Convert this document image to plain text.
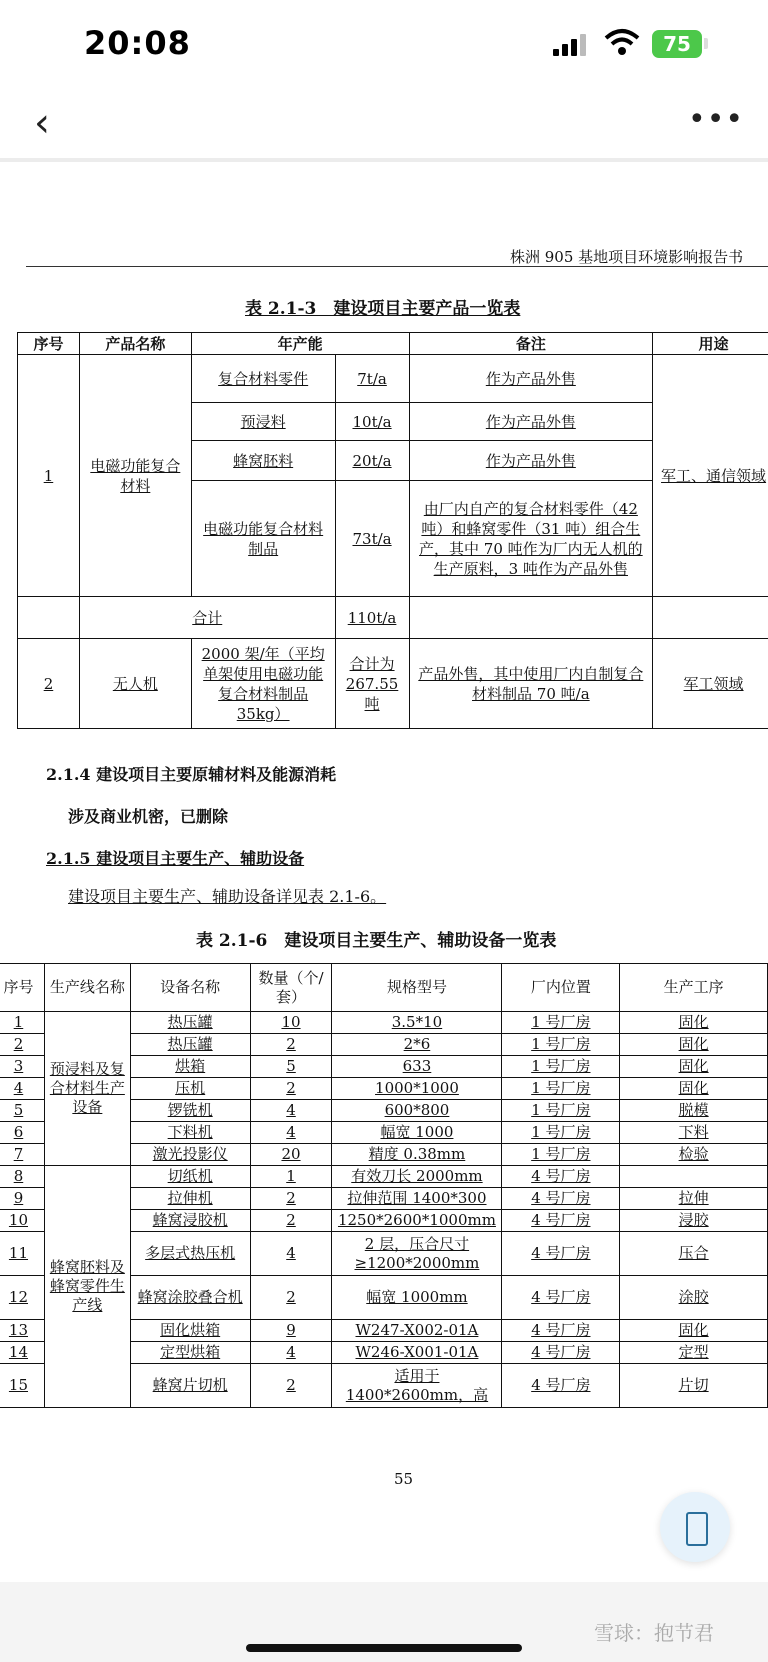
20:08	75
‹	•••
株洲 905 基地项目环境影响报告书
表 2.1-3　建设项目主要产品一览表
序号	产品名称	年产能		备注	用途
1	电磁功能复合材料	复合材料零件	7t/a	作为产品外售	军工、通信领域
		预浸料	10t/a	作为产品外售	
		蜂窝胚料	20t/a	作为产品外售	
		电磁功能复合材料制品	73t/a	由厂内自产的复合材料零件（42 吨）和蜂窝零件（31 吨）组合生产，其中 70 吨作为厂内无人机的生产原料，3 吨作为产品外售	
	合计		110t/a		
2	无人机	2000 架/年（平均单架使用电磁功能复合材料制品 35kg）	合计为267.55吨	产品外售，其中使用厂内自制复合材料制品 70 吨/a	军工领域
2.1.4 建设项目主要原辅材料及能源消耗
涉及商业机密，已删除
2.1.5 建设项目主要生产、辅助设备
建设项目主要生产、辅助设备详见表 2.1-6。
表 2.1-6　建设项目主要生产、辅助设备一览表
序号	生产线名称	设备名称	数量（个/套）	规格型号	厂内位置	生产工序
1	预浸料及复合材料生产设备	热压罐	10	3.5*10	1 号厂房	固化
2		热压罐	2	2*6	1 号厂房	固化
3		烘箱	5	633	1 号厂房	固化
4		压机	2	1000*1000	1 号厂房	固化
5		锣铣机	4	600*800	1 号厂房	脱模
6		下料机	4	幅宽 1000	1 号厂房	下料
7		激光投影仪	20	精度 0.38mm	1 号厂房	检验
8	蜂窝胚料及蜂窝零件生产线	切纸机	1	有效刀长 2000mm	4 号厂房	
9		拉伸机	2	拉伸范围 1400*300	4 号厂房	拉伸
10		蜂窝浸胶机	2	1250*2600*1000mm	4 号厂房	浸胶
11		多层式热压机	4	2 层，压合尺寸≥1200*2000mm	4 号厂房	压合
12		蜂窝涂胶叠合机	2	幅宽 1000mm	4 号厂房	涂胶
13		固化烘箱	9	W247-X002-01A	4 号厂房	固化
14		定型烘箱	4	W246-X001-01A	4 号厂房	定型
15		蜂窝片切机	2	适用于1400*2600mm，高	4 号厂房	片切
55
雪球：抱节君
